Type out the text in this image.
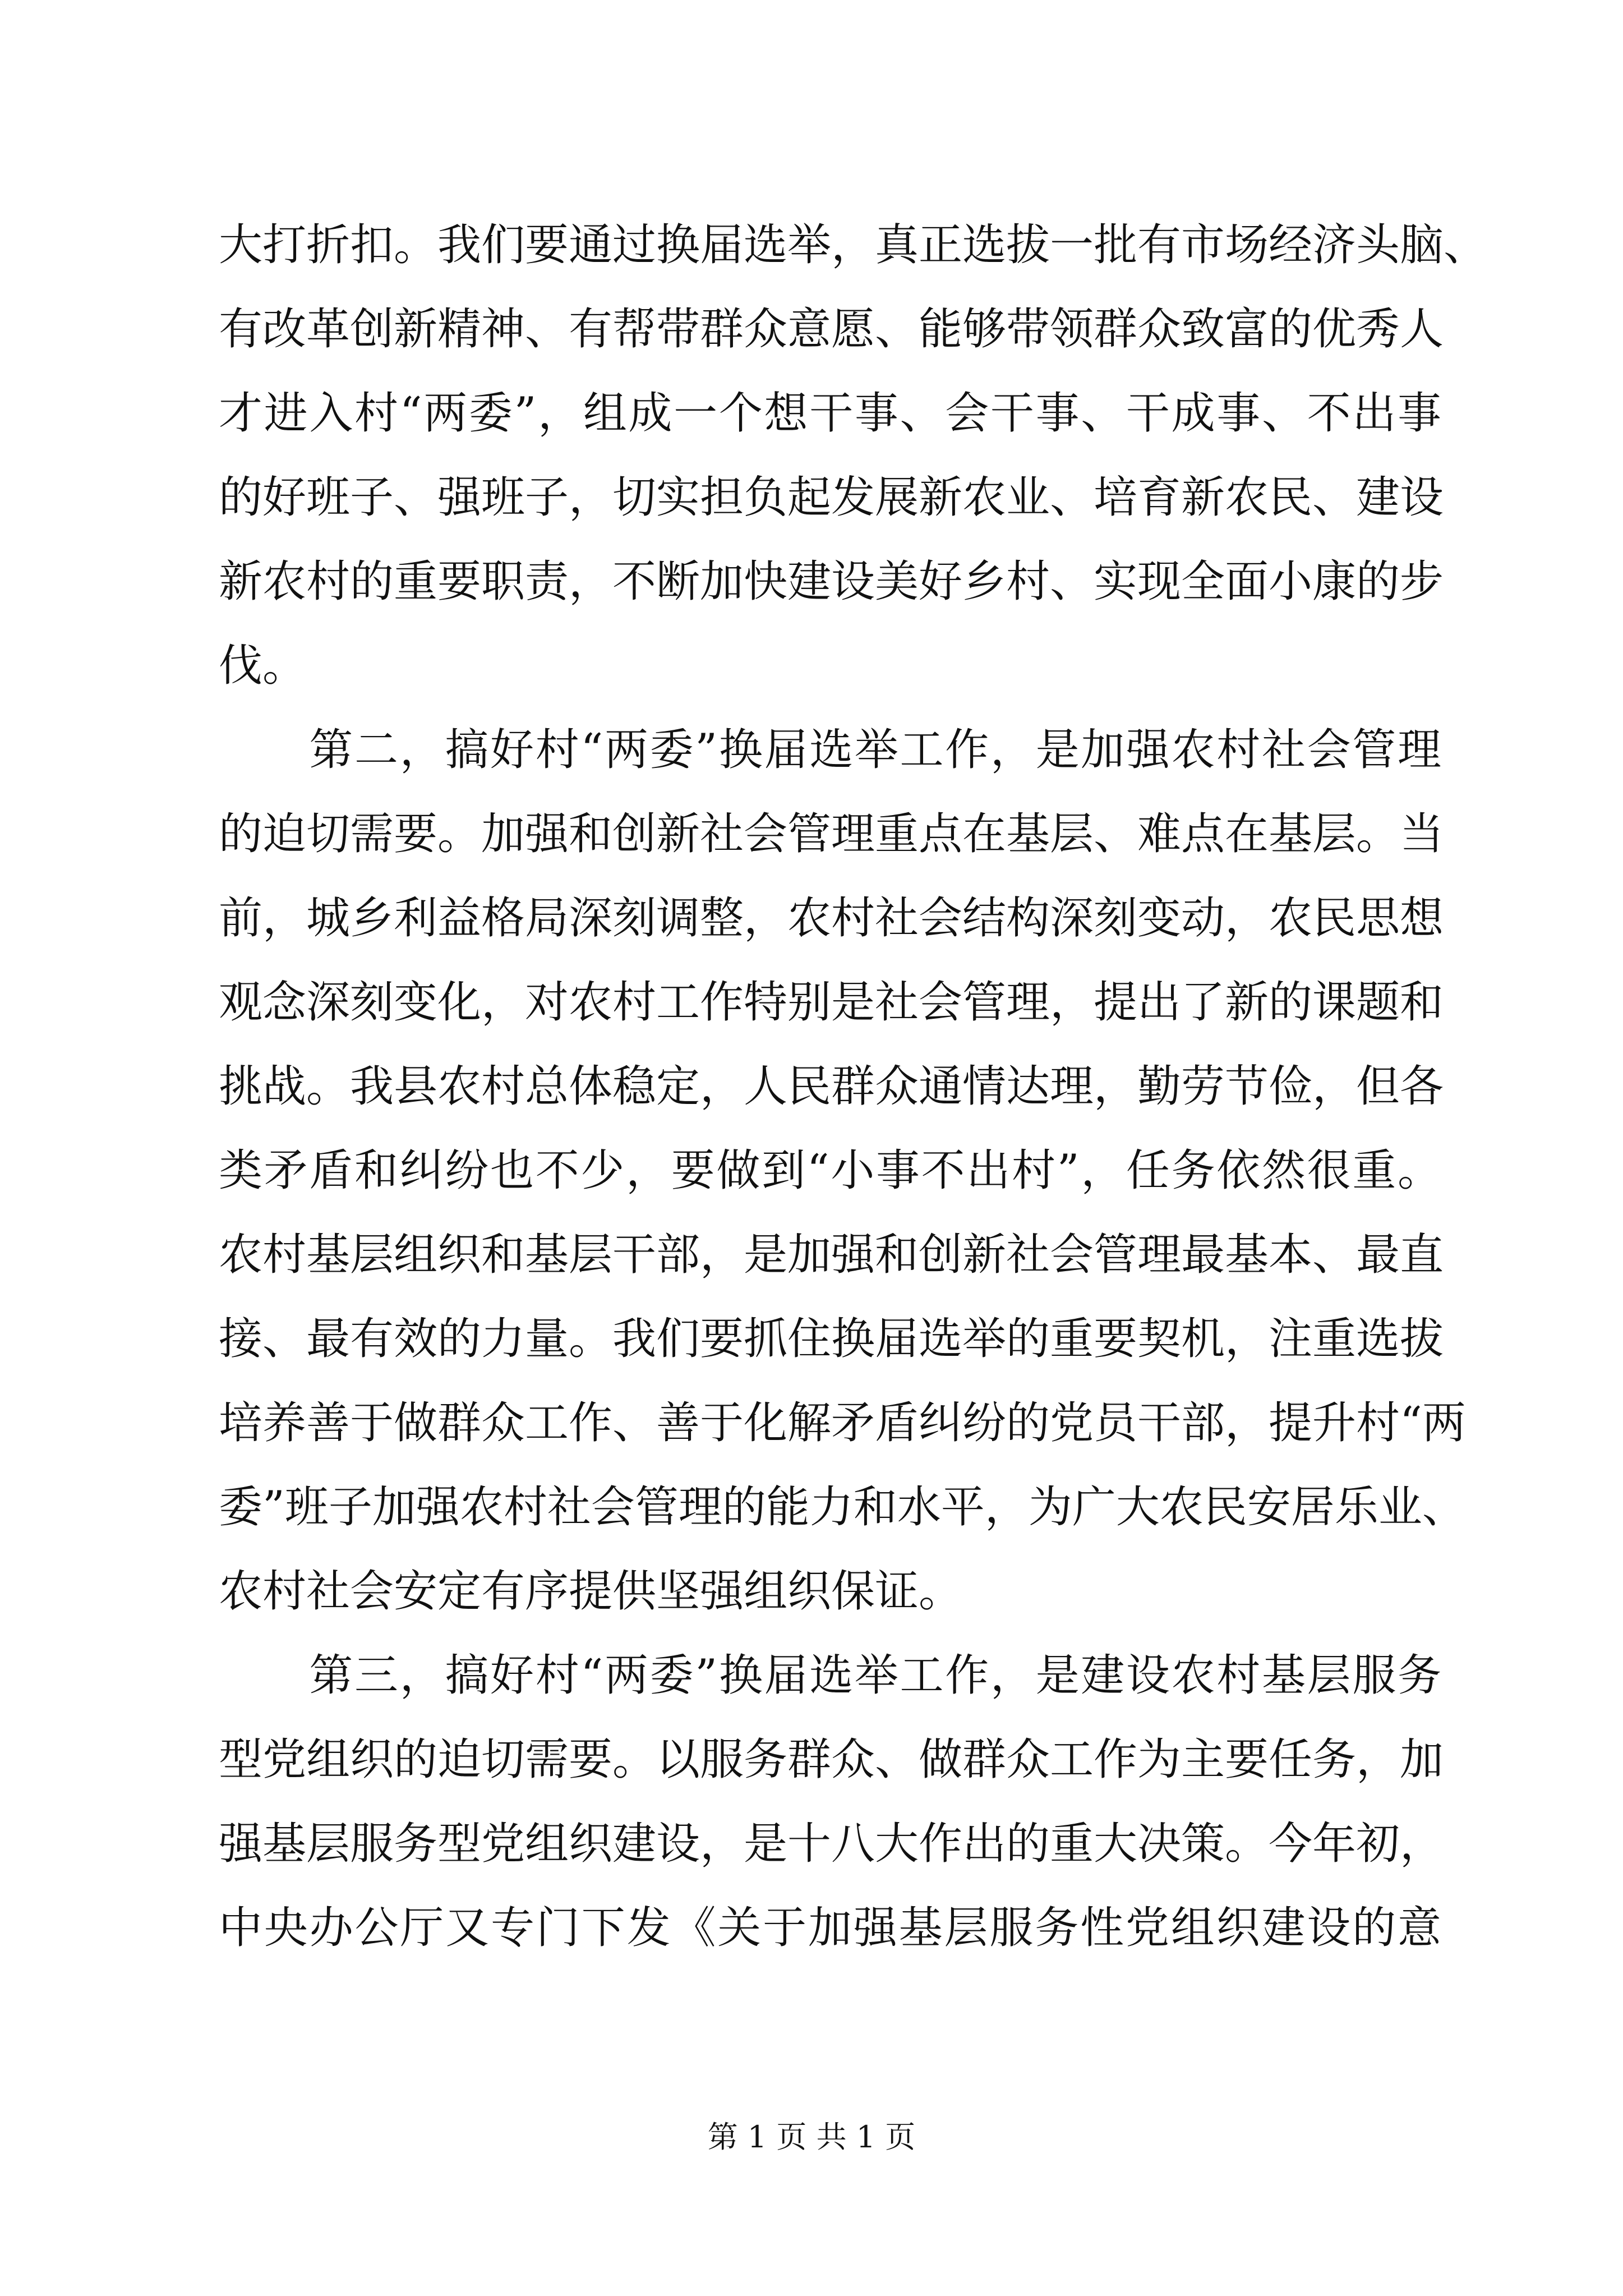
大打折扣。我们要通过换届选举，真正选拔一批有市场经济头脑、
有改革创新精神、有帮带群众意愿、能够带领群众致富的优秀人
才进入村“两委”，组成一个想干事、会干事、干成事、不出事
的好班子、强班子，切实担负起发展新农业、培育新农民、建设
新农村的重要职责，不断加快建设美好乡村、实现全面小康的步
伐。
　　第二，搞好村“两委”换届选举工作，是加强农村社会管理
的迫切需要。加强和创新社会管理重点在基层、难点在基层。当
前，城乡利益格局深刻调整，农村社会结构深刻变动，农民思想
观念深刻变化，对农村工作特别是社会管理，提出了新的课题和
挑战。我县农村总体稳定，人民群众通情达理，勤劳节俭，但各
类矛盾和纠纷也不少，要做到“小事不出村”，任务依然很重。
农村基层组织和基层干部，是加强和创新社会管理最基本、最直
接、最有效的力量。我们要抓住换届选举的重要契机，注重选拔
培养善于做群众工作、善于化解矛盾纠纷的党员干部，提升村“两
委”班子加强农村社会管理的能力和水平，为广大农民安居乐业、
农村社会安定有序提供坚强组织保证。
　　第三，搞好村“两委”换届选举工作，是建设农村基层服务
型党组织的迫切需要。以服务群众、做群众工作为主要任务，加
强基层服务型党组织建设，是十八大作出的重大决策。今年初，
中央办公厅又专门下发《关于加强基层服务性党组织建设的意
第 1 页 共 1 页
